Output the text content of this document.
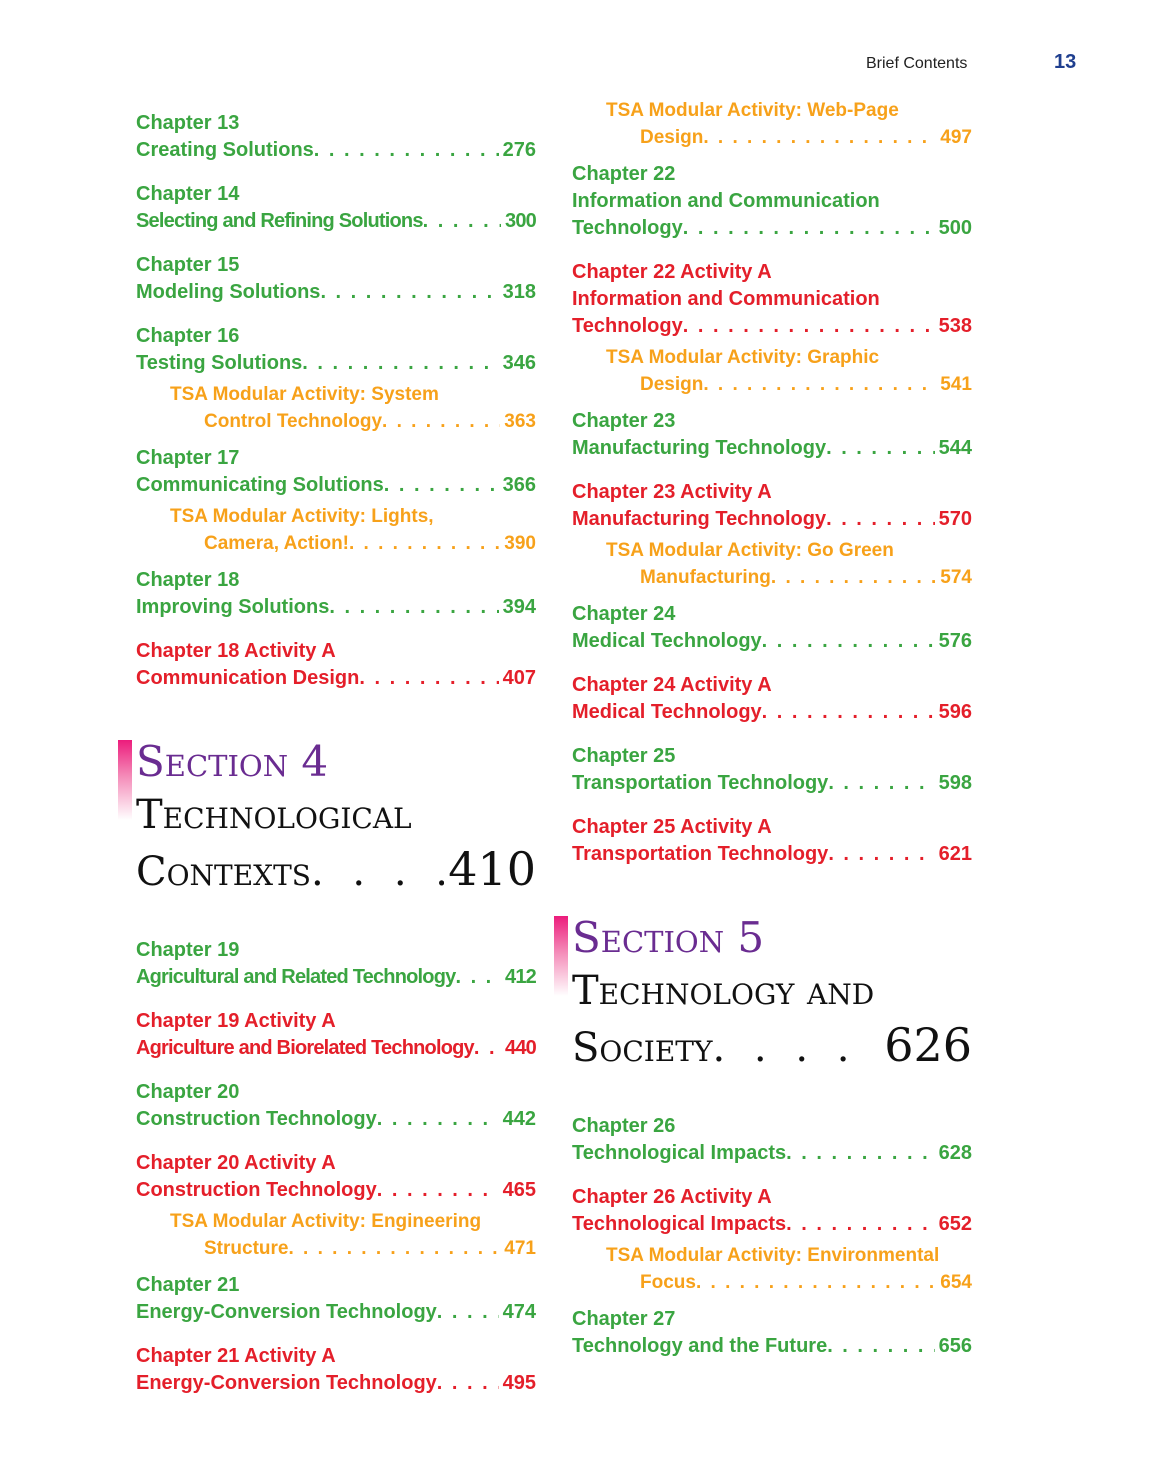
Brief Contents	13
Chapter 13
Creating Solutions . . .	276
Chapter 14
Selecting and Refining Solutions . . .	300
Chapter 15
Modeling Solutions . . .	318
Chapter 16
Testing Solutions . . .	346
TSA Modular Activity: System
Control Technology . . .	363
Chapter 17
Communicating Solutions . . .	366
TSA Modular Activity: Lights,
Camera, Action! . . .	390
Chapter 18
Improving Solutions . . .	394
Chapter 18 Activity A
Communication Design . . .	407
Section 4
Technological
Contexts . . .	410
Chapter 19
Agricultural and Related Technology . . . 412
Chapter 19 Activity A
Agriculture and Biorelated Technology . . . 440
Chapter 20
Construction Technology . . .	442
Chapter 20 Activity A
Construction Technology . . .	465
TSA Modular Activity: Engineering
Structure . . .	471
Chapter 21
Energy-Conversion Technology . . .	474
Chapter 21 Activity A
Energy-Conversion Technology . . .	495
TSA Modular Activity: Web-Page
Design . . .	497
Chapter 22
Information and Communication
Technology . . .	500
Chapter 22 Activity A
Information and Communication
Technology . . .	538
TSA Modular Activity: Graphic
Design . . .	541
Chapter 23
Manufacturing Technology . . .	544
Chapter 23 Activity A
Manufacturing Technology . . .	570
TSA Modular Activity: Go Green
Manufacturing . . .	574
Chapter 24
Medical Technology . . .	576
Chapter 24 Activity A
Medical Technology . . .	596
Chapter 25
Transportation Technology . . .	598
Chapter 25 Activity A
Transportation Technology . . .	621
Section 5
Technology and
Society . . .	626
Chapter 26
Technological Impacts . . .	628
Chapter 26 Activity A
Technological Impacts . . .	652
TSA Modular Activity: Environmental
Focus . . .	654
Chapter 27
Technology and the Future . . .	656
